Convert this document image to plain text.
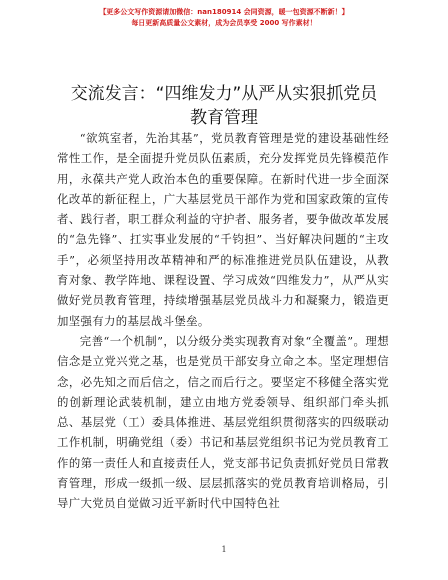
【更多公文写作资源请加微信：nan180914 会同资源，暖一包资源不断新！】
每日更新高质量公文素材，成为会员享受 2000 写作素材！
交流发言：“四维发力”从严从实狠抓党员教育管理

“欲筑室者，先治其基”，党员教育管理是党的建设基础性经常性工作，是全面提升党员队伍素质，充分发挥党员先锋模范作用，永葆共产党人政治本色的重要保障。在新时代进一步全面深化改革的新征程上，广大基层党员干部作为党和国家政策的宣传者、践行者，职工群众利益的守护者、服务者，要争做改革发展的“急先锋”、扛实事业发展的“千钧担”、当好解决问题的“主攻手”，必须坚持用改革精神和严的标准推进党员队伍建设，从教育对象、教学阵地、课程设置、学习成效“四维发力”，从严从实做好党员教育管理，持续增强基层党员战斗力和凝聚力，锻造更加坚强有力的基层战斗堡垒。

完善“一个机制”，以分级分类实现教育对象“全覆盖”。理想信念是立党兴党之基，也是党员干部安身立命之本。坚定理想信念，必先知之而后信之，信之而后行之。要坚定不移健全落实党的创新理论武装机制，建立由地方党委领导、组织部门牵头抓总、基层党（工）委具体推进、基层党组织贯彻落实的四级联动工作机制，明确党组（委）书记和基层党组织书记为党员教育工作的第一责任人和直接责任人，党支部书记负责抓好党员日常教育管理，形成一级抓一级、层层抓落实的党员教育培训格局，引导广大党员自觉做习近平新时代中国特色社

1
